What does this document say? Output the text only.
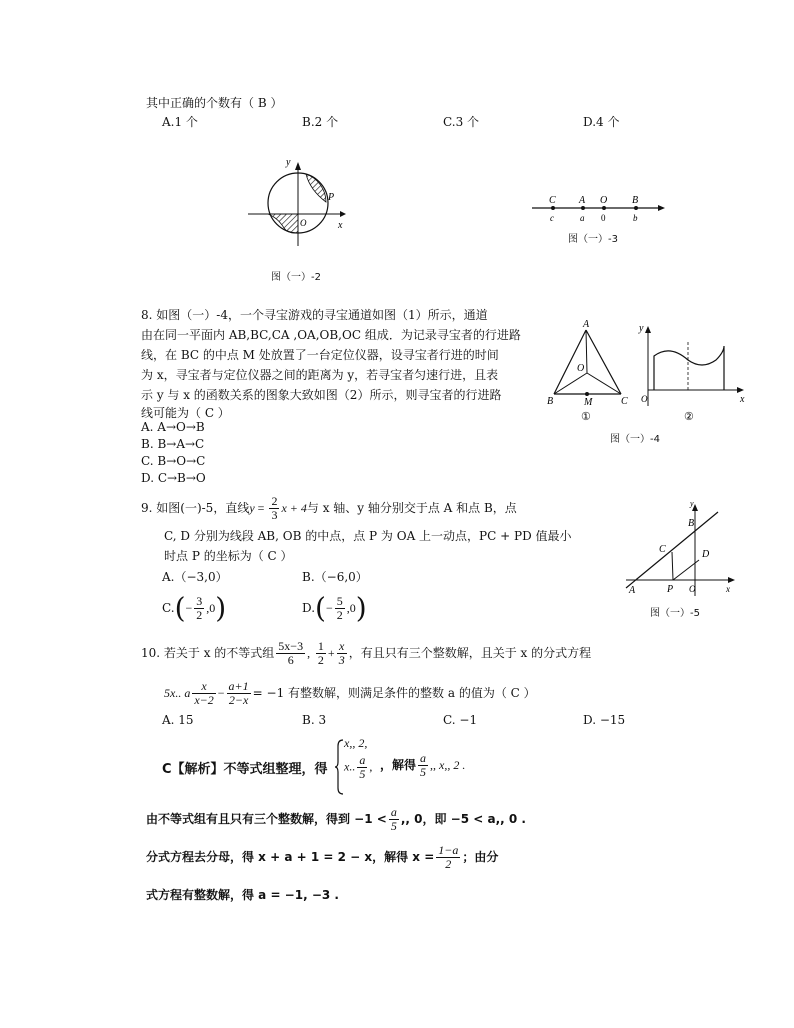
其中正确的个数有（ B ）
A.1 个	B.2 个	C.3 个	D.4 个
y
x
O
P
图（一）-2
C A O B
c	a 0	b
图（一）-3
8. 如图（一）-4，一个寻宝游戏的寻宝通道如图（1）所示，通道
由在同一平面内 AB,BC,CA ,OA,OB,OC 组成．为记录寻宝者的行进路
线，在 BC 的中点 M 处放置了一台定位仪器，设寻宝者行进的时间
为 x，寻宝者与定位仪器之间的距离为 y，若寻宝者匀速行进，且表
示 y 与 x 的函数关系的图象大致如图（2）所示，则寻宝者的行进路
线可能为（ C ）
A. A→O→B
B. B→A→C
C. B→O→C
D. C→B→O
A
B	C
O
M
①
y
x
O
②
图（一）-4
9. 如图(一)-5，直线$y = \frac{2}{3}$ x + 4与 x 轴、y 轴分别交于点 A 和点 B，点
C, D 分别为线段 AB, OB 的中点，点 P 为 OA 上一动点，PC + PD 值最小
时点 P 的坐标为（ C ）
A.（−3,0）	B.（−6,0）
$C.(- \frac{3}{2} ,0)$	$D.(- \frac{5}{2} ,0)$
y
B
C	D
A	P O	x
图（一）-5
10. 若关于 x 的不等式组 $\frac{5x-3}{6}$ , $\frac{1}{2} + \frac{x}{3}$ ，有且只有三个整数解，且关于 x 的分式方程
5x.. a $\frac{x}{x-2} - \frac{a+1}{2-x} = -1$ 有整数解，则满足条件的整数 a 的值为（ C ）
A. 15	B. 3	C. −1	D. −15
C【解析】不等式组整理，得
x,, 2,
x.. $\frac{a}{5}$ , ，解得 $\frac{a}{5}$ ,, x,, 2 .
由不等式组有且只有三个整数解，得到 $-1 < \frac{a}{5}$ ,, 0，即 −5 < a,, 0 .
分式方程去分母，得 x + a + 1 = 2 − x，解得 $x = \frac{1-a}{2}$ ；由分
式方程有整数解，得 a = −1, −3 .
